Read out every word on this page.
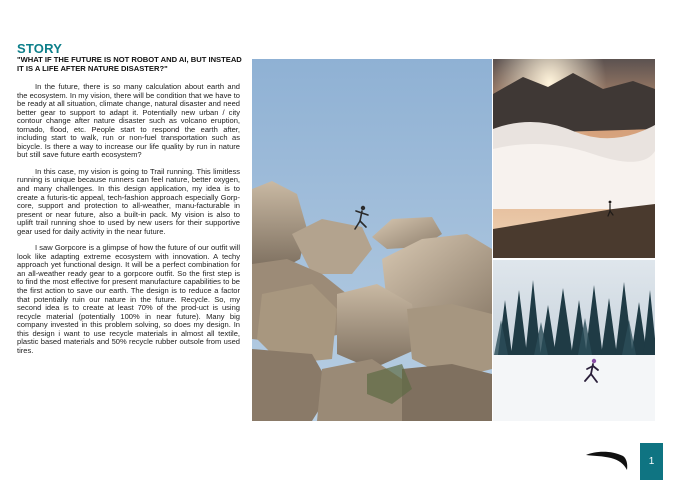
STORY
"WHAT IF THE FUTURE IS NOT ROBOT AND AI, BUT INSTEAD IT IS A LIFE AFTER NATURE DISASTER?"

In the future, there is so many calculation about earth and the ecosystem. In my vision, there will be condition that we have to be ready at all situation, climate change, natural disaster and need better gear to support to adapt it. Potentially new urban / city contour change after nature disaster such as volcano eruption, tornado, flood, etc. People start to respond the earth after, including start to walk, run or non-fuel transportation such as bicycle. Is there a way to increase our life quality by run in nature but still save future earth ecosystem?

In this case, my vision is going to Trail running. This limitless running is unique because runners can feel nature, better oxygen, and many challenges. In this design application, my idea is to create a futuris-tic appeal, tech-fashion approach especially Gorp-core, support and protection to all-weather, manu-facturable in present or near future, also a built-in pack. My vision is also to uplift trail running shoe to used by new users for their supportive gear used for daily activity in the near future.

I saw Gorpcore is a glimpse of how the future of our outfit will look like adapting extreme ecosystem with innovation. A techy approach yet functional design. It will be a perfect combination for an all-weather ready gear to a gorpcore outfit. So the first step is to find the most effective for present manufacture capabilities to be the first action to save our earth. The design is to reduce a factor that potentially ruin our nature in the future. Recycle. So, my second idea is to create at least 70% of the prod-uct is using recycle material (potentially 100% in near future). Many big company invested in this problem solving, so does my design. In this design i want to use recycle materials in almost all textile, plastic based materials and 50% recycle rubber outsole from used tires.

1
